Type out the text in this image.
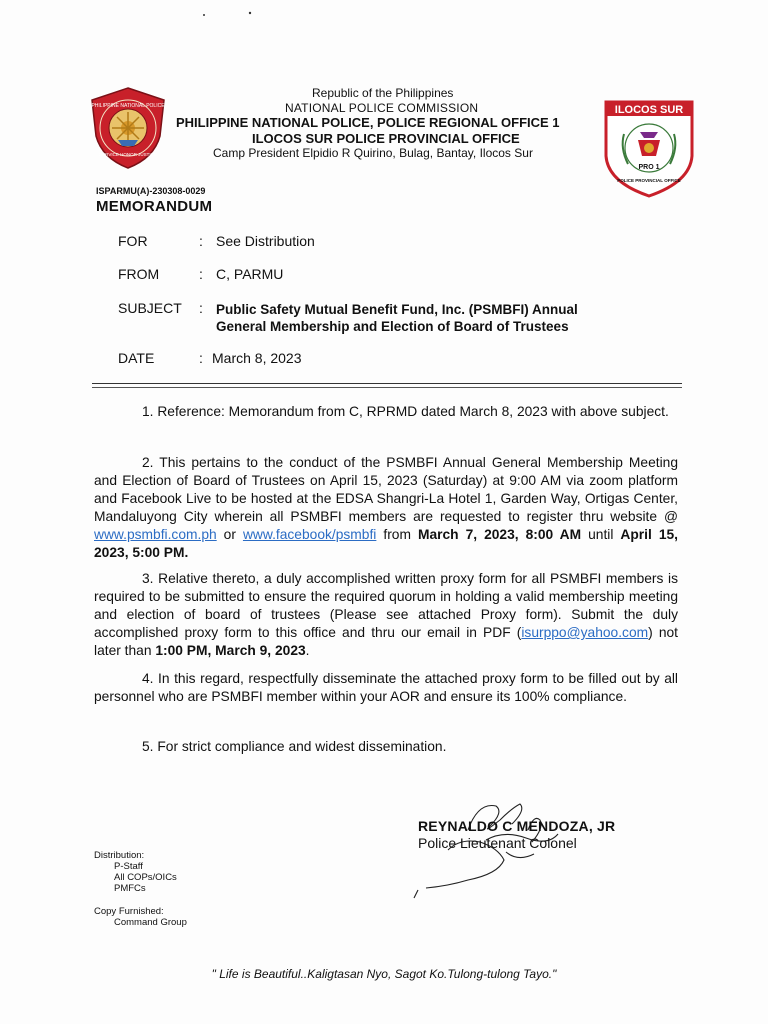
PHILIPPINE NATIONAL POLICE
SERVICE HONOR JUSTICE
ILOCOS SUR
PRO 1
POLICE PROVINCIAL OFFICE
Republic of the Philippines
NATIONAL POLICE COMMISSION
PHILIPPINE NATIONAL POLICE, POLICE REGIONAL OFFICE 1
ILOCOS SUR POLICE PROVINCIAL OFFICE
Camp President Elpidio R Quirino, Bulag, Bantay, Ilocos Sur
ISPARMU(A)-230308-0029
MEMORANDUM
FOR	: See Distribution
FROM	: C, PARMU
SUBJECT	: Public Safety Mutual Benefit Fund, Inc. (PSMBFI) Annual
General Membership and Election of Board of Trustees
DATE	: March 8, 2023

1. Reference: Memorandum from C, RPRMD dated March 8, 2023 with above subject.

2. This pertains to the conduct of the PSMBFI Annual General Membership Meeting and Election of Board of Trustees on April 15, 2023 (Saturday) at 9:00 AM via zoom platform and Facebook Live to be hosted at the EDSA Shangri-La Hotel 1, Garden Way, Ortigas Center, Mandaluyong City wherein all PSMBFI members are requested to register thru website @ www.psmbfi.com.ph or www.facebook/psmbfi from March 7, 2023, 8:00 AM until April 15, 2023, 5:00 PM.

3. Relative thereto, a duly accomplished written proxy form for all PSMBFI members is required to be submitted to ensure the required quorum in holding a valid membership meeting and election of board of trustees (Please see attached Proxy form). Submit the duly accomplished proxy form to this office and thru our email in PDF (isurppo@yahoo.com) not later than 1:00 PM, March 9, 2023.

4. In this regard, respectfully disseminate the attached proxy form to be filled out by all personnel who are PSMBFI member within your AOR and ensure its 100% compliance.

5. For strict compliance and widest dissemination.

REYNALDO C MENDOZA, JR
Police Lieutenant Colonel
Distribution:
P-Staff
All COPs/OICs
PMFCs
Copy Furnished:
Command Group
" Life is Beautiful..Kaligtasan Nyo, Sagot Ko.Tulong-tulong Tayo."
